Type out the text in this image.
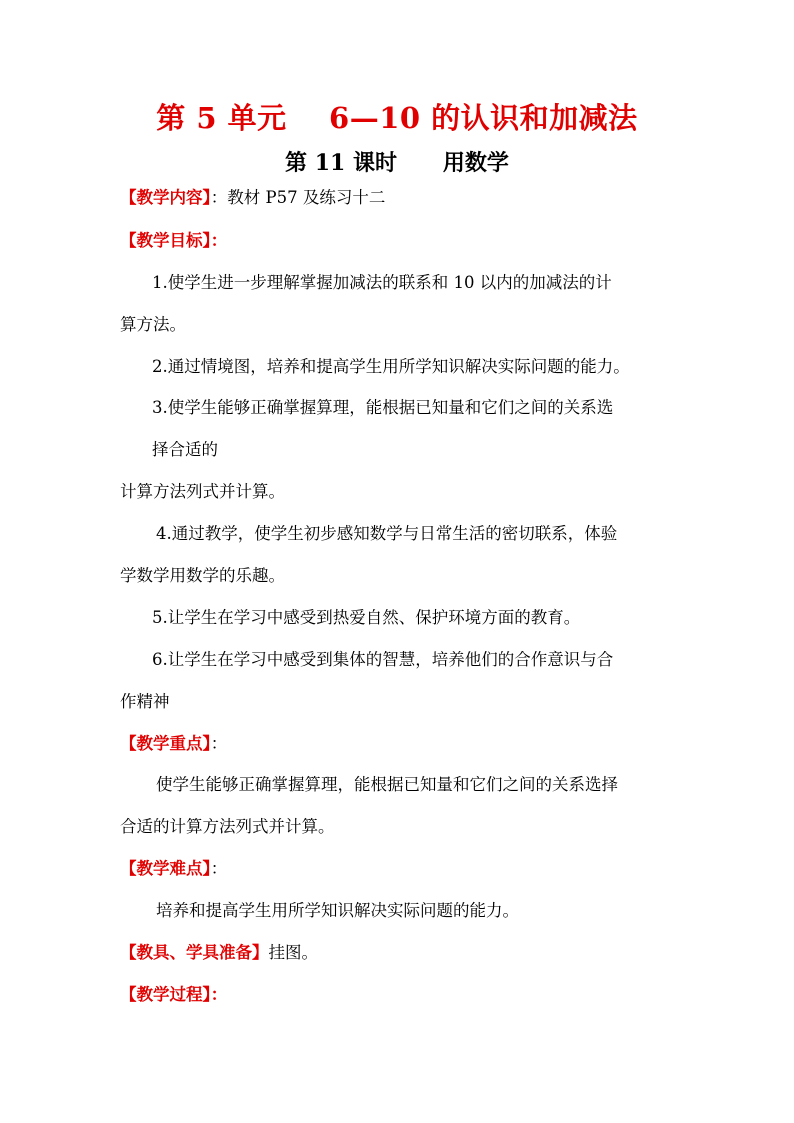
第 5 单元    6—10 的认识和加减法
第 11 课时      用数学
【教学内容】：教材 P57 及练习十二
【教学目标】：
1.使学生进一步理解掌握加减法的联系和 10 以内的加减法的计
算方法。
2.通过情境图，培养和提高学生用所学知识解决实际问题的能力。
3.使学生能够正确掌握算理，能根据已知量和它们之间的关系选
择合适的
计算方法列式并计算。
4.通过教学，使学生初步感知数学与日常生活的密切联系，体验
学数学用数学的乐趣。
5.让学生在学习中感受到热爱自然、保护环境方面的教育。
6.让学生在学习中感受到集体的智慧，培养他们的合作意识与合
作精神
【教学重点】：
使学生能够正确掌握算理，能根据已知量和它们之间的关系选择
合适的计算方法列式并计算。
【教学难点】：
培养和提高学生用所学知识解决实际问题的能力。
【教具、学具准备】挂图。
【教学过程】：
